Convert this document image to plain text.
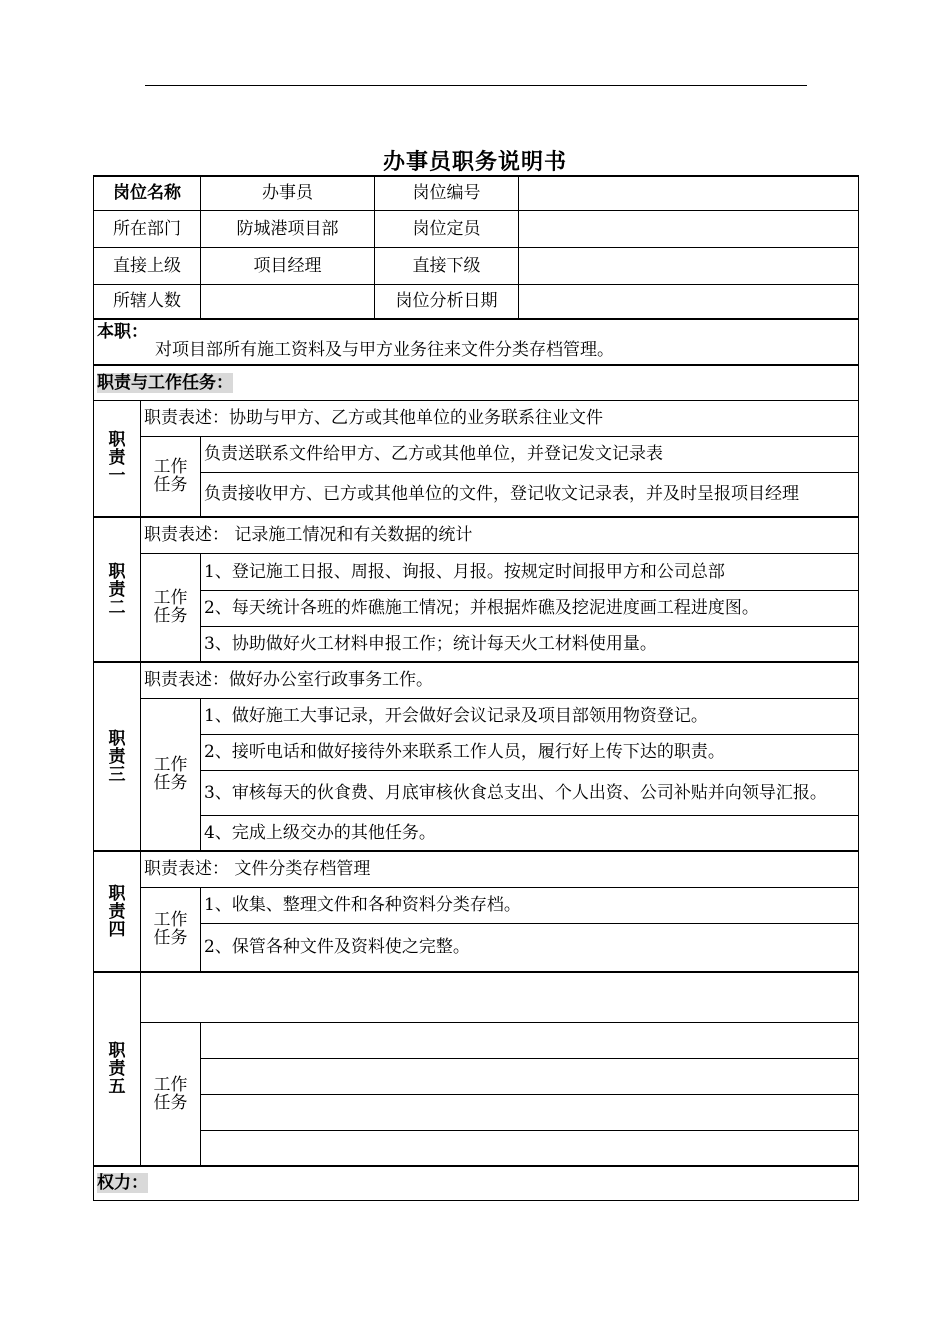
办事员职务说明书
岗位名称		办事员	岗位编号	
所在部门		防城港项目部	岗位定员	
直接上级		项目经理	直接下级	
所辖人数			岗位分析日期	

本职：
对项目部所有施工资料及与甲方业务往来文件分类存档管理。				

职责与工作任务：				

职责一	职责表述：协助与甲方、乙方或其他单位的业务联系往业文件			

	工作任务	负责送联系文件给甲方、乙方或其他单位，并登记发文记录表		
		负责接收甲方、已方或其他单位的文件，登记收文记录表，并及时呈报项目经理		

职责二	职责表述： 记录施工情况和有关数据的统计			

	工作任务	1、登记施工日报、周报、询报、月报。按规定时间报甲方和公司总部		
		2、每天统计各班的炸礁施工情况；并根据炸礁及挖泥进度画工程进度图。		
		3、协助做好火工材料申报工作；统计每天火工材料使用量。		

职责三	职责表述：做好办公室行政事务工作。			

	工作任务	1、做好施工大事记录，开会做好会议记录及项目部领用物资登记。		
		2、接听电话和做好接待外来联系工作人员，履行好上传下达的职责。		
		3、审核每天的伙食费、月底审核伙食总支出、个人出资、公司补贴并向领导汇报。		
		4、完成上级交办的其他任务。		

职责四	职责表述： 文件分类存档管理			

	工作任务	1、收集、整理文件和各种资料分类存档。		
		2、保管各种文件及资料使之完整。		

职责五				

	工作任务			

权力：				
